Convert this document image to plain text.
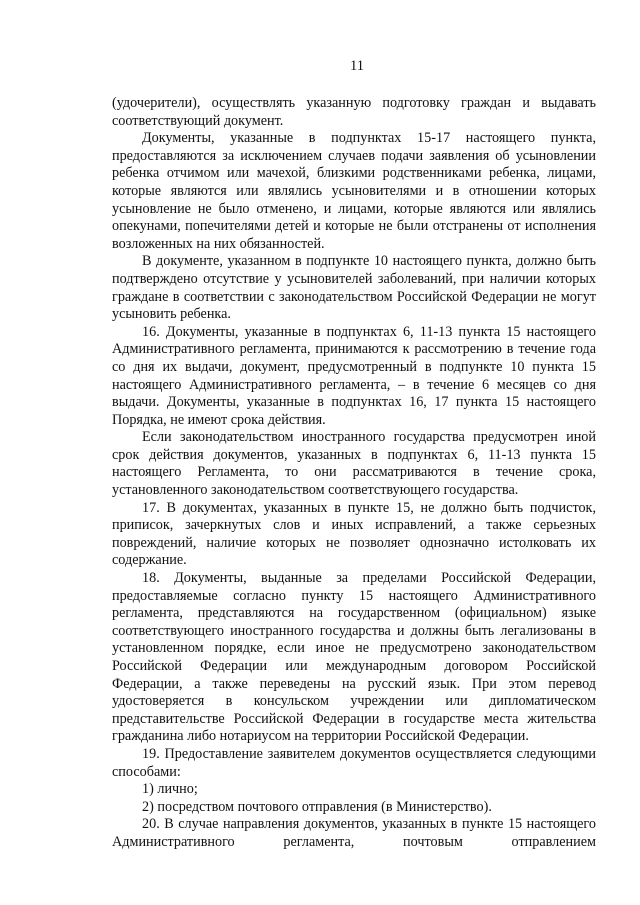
11

(удочерители), осуществлять указанную подготовку граждан и выдавать соответствующий документ.

Документы, указанные в подпунктах 15-17 настоящего пункта, предоставляются за исключением случаев подачи заявления об усыновлении ребенка отчимом или мачехой, близкими родственниками ребенка, лицами, которые являются или являлись усыновителями и в отношении которых усыновление не было отменено, и лицами, которые являются или являлись опекунами, попечителями детей и которые не были отстранены от исполнения возложенных на них обязанностей.

В документе, указанном в подпункте 10 настоящего пункта, должно быть подтверждено отсутствие у усыновителей заболеваний, при наличии которых граждане в соответствии с законодательством Российской Федерации не могут усыновить ребенка.

16. Документы, указанные в подпунктах 6, 11-13 пункта 15 настоящего Административного регламента, принимаются к рассмотрению в течение года со дня их выдачи, документ, предусмотренный в подпункте 10 пункта 15 настоящего Административного регламента, – в течение 6 месяцев со дня выдачи. Документы, указанные в подпунктах 16, 17 пункта 15 настоящего Порядка, не имеют срока действия.

Если законодательством иностранного государства предусмотрен иной срок действия документов, указанных в подпунктах 6, 11-13 пункта 15 настоящего Регламента, то они рассматриваются в течение срока, установленного законодательством соответствующего государства.

17. В документах, указанных в пункте 15, не должно быть подчисток, приписок, зачеркнутых слов и иных исправлений, а также серьезных повреждений, наличие которых не позволяет однозначно истолковать их содержание.

18. Документы, выданные за пределами Российской Федерации, предоставляемые согласно пункту 15 настоящего Административного регламента, представляются на государственном (официальном) языке соответствующего иностранного государства и должны быть легализованы в установленном порядке, если иное не предусмотрено законодательством Российской Федерации или международным договором Российской Федерации, а также переведены на русский язык. При этом перевод удостоверяется в консульском учреждении или дипломатическом представительстве Российской Федерации в государстве места жительства гражданина либо нотариусом на территории Российской Федерации.

19. Предоставление заявителем документов осуществляется следующими способами:

1) лично;

2) посредством почтового отправления (в Министерство).

20. В случае направления документов, указанных в пункте 15 настоящего Административного регламента, почтовым отправлением
